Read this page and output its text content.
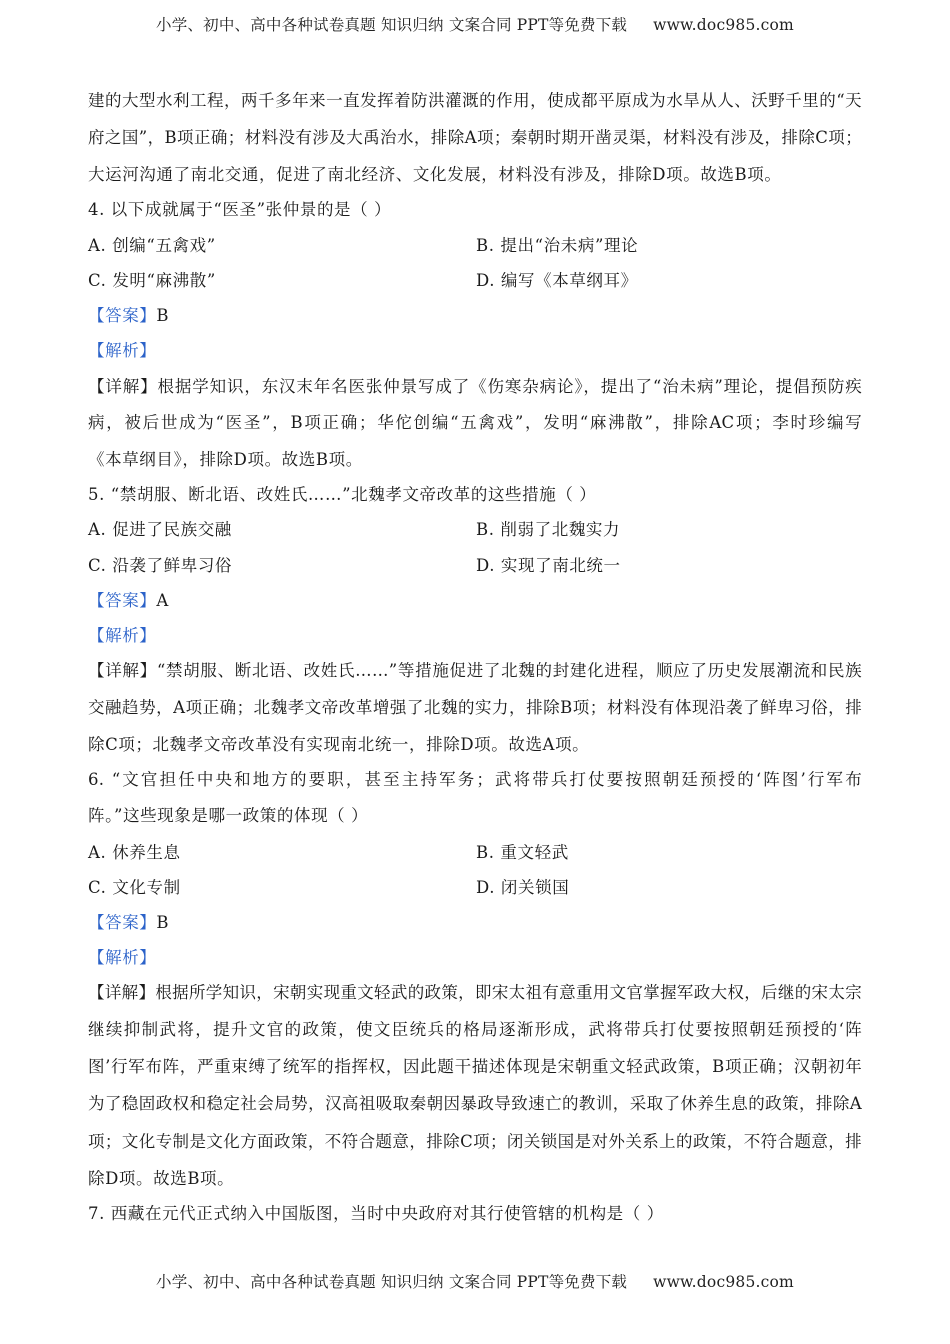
小学、初中、高中各种试卷真题 知识归纳 文案合同 PPT等免费下载 www.doc985.com
建的大型水利工程，两千多年来一直发挥着防洪灌溉的作用，使成都平原成为水旱从人、沃野千里的“天
府之国”，B项正确；材料没有涉及大禹治水，排除A项；秦朝时期开凿灵渠，材料没有涉及，排除C项；
大运河沟通了南北交通，促进了南北经济、文化发展，材料没有涉及，排除D项。故选B项。
4. 以下成就属于“医圣”张仲景的是（ ）
A. 创编“五禽戏”	B. 提出“治未病”理论
C. 发明“麻沸散”	D. 编写《本草纲耳》
【答案】B
【解析】
【详解】根据学知识，东汉末年名医张仲景写成了《伤寒杂病论》，提出了“治未病”理论，提倡预防疾
病，被后世成为“医圣”，B项正确；华佗创编“五禽戏”，发明“麻沸散”，排除AC项；李时珍编写
《本草纲目》，排除D项。故选B项。
5. “禁胡服、断北语、改姓氏……”北魏孝文帝改革的这些措施（ ）
A. 促进了民族交融	B. 削弱了北魏实力
C. 沿袭了鲜卑习俗	D. 实现了南北统一
【答案】A
【解析】
【详解】“禁胡服、断北语、改姓氏……”等措施促进了北魏的封建化进程，顺应了历史发展潮流和民族
交融趋势，A项正确；北魏孝文帝改革增强了北魏的实力，排除B项；材料没有体现沿袭了鲜卑习俗，排
除C项；北魏孝文帝改革没有实现南北统一，排除D项。故选A项。
6. “文官担任中央和地方的要职，甚至主持军务；武将带兵打仗要按照朝廷预授的‘阵图’行军布
阵。”这些现象是哪一政策的体现（ ）
A. 休养生息	B. 重文轻武
C. 文化专制	D. 闭关锁国
【答案】B
【解析】
【详解】根据所学知识，宋朝实现重文轻武的政策，即宋太祖有意重用文官掌握军政大权，后继的宋太宗
继续抑制武将，提升文官的政策，使文臣统兵的格局逐渐形成，武将带兵打仗要按照朝廷预授的‘阵
图’行军布阵，严重束缚了统军的指挥权，因此题干描述体现是宋朝重文轻武政策，B项正确；汉朝初年
为了稳固政权和稳定社会局势，汉高祖吸取秦朝因暴政导致速亡的教训，采取了休养生息的政策，排除A
项；文化专制是文化方面政策，不符合题意，排除C项；闭关锁国是对外关系上的政策，不符合题意，排
除D项。故选B项。
7. 西藏在元代正式纳入中国版图，当时中央政府对其行使管辖的机构是（ ）
小学、初中、高中各种试卷真题 知识归纳 文案合同 PPT等免费下载 www.doc985.com
